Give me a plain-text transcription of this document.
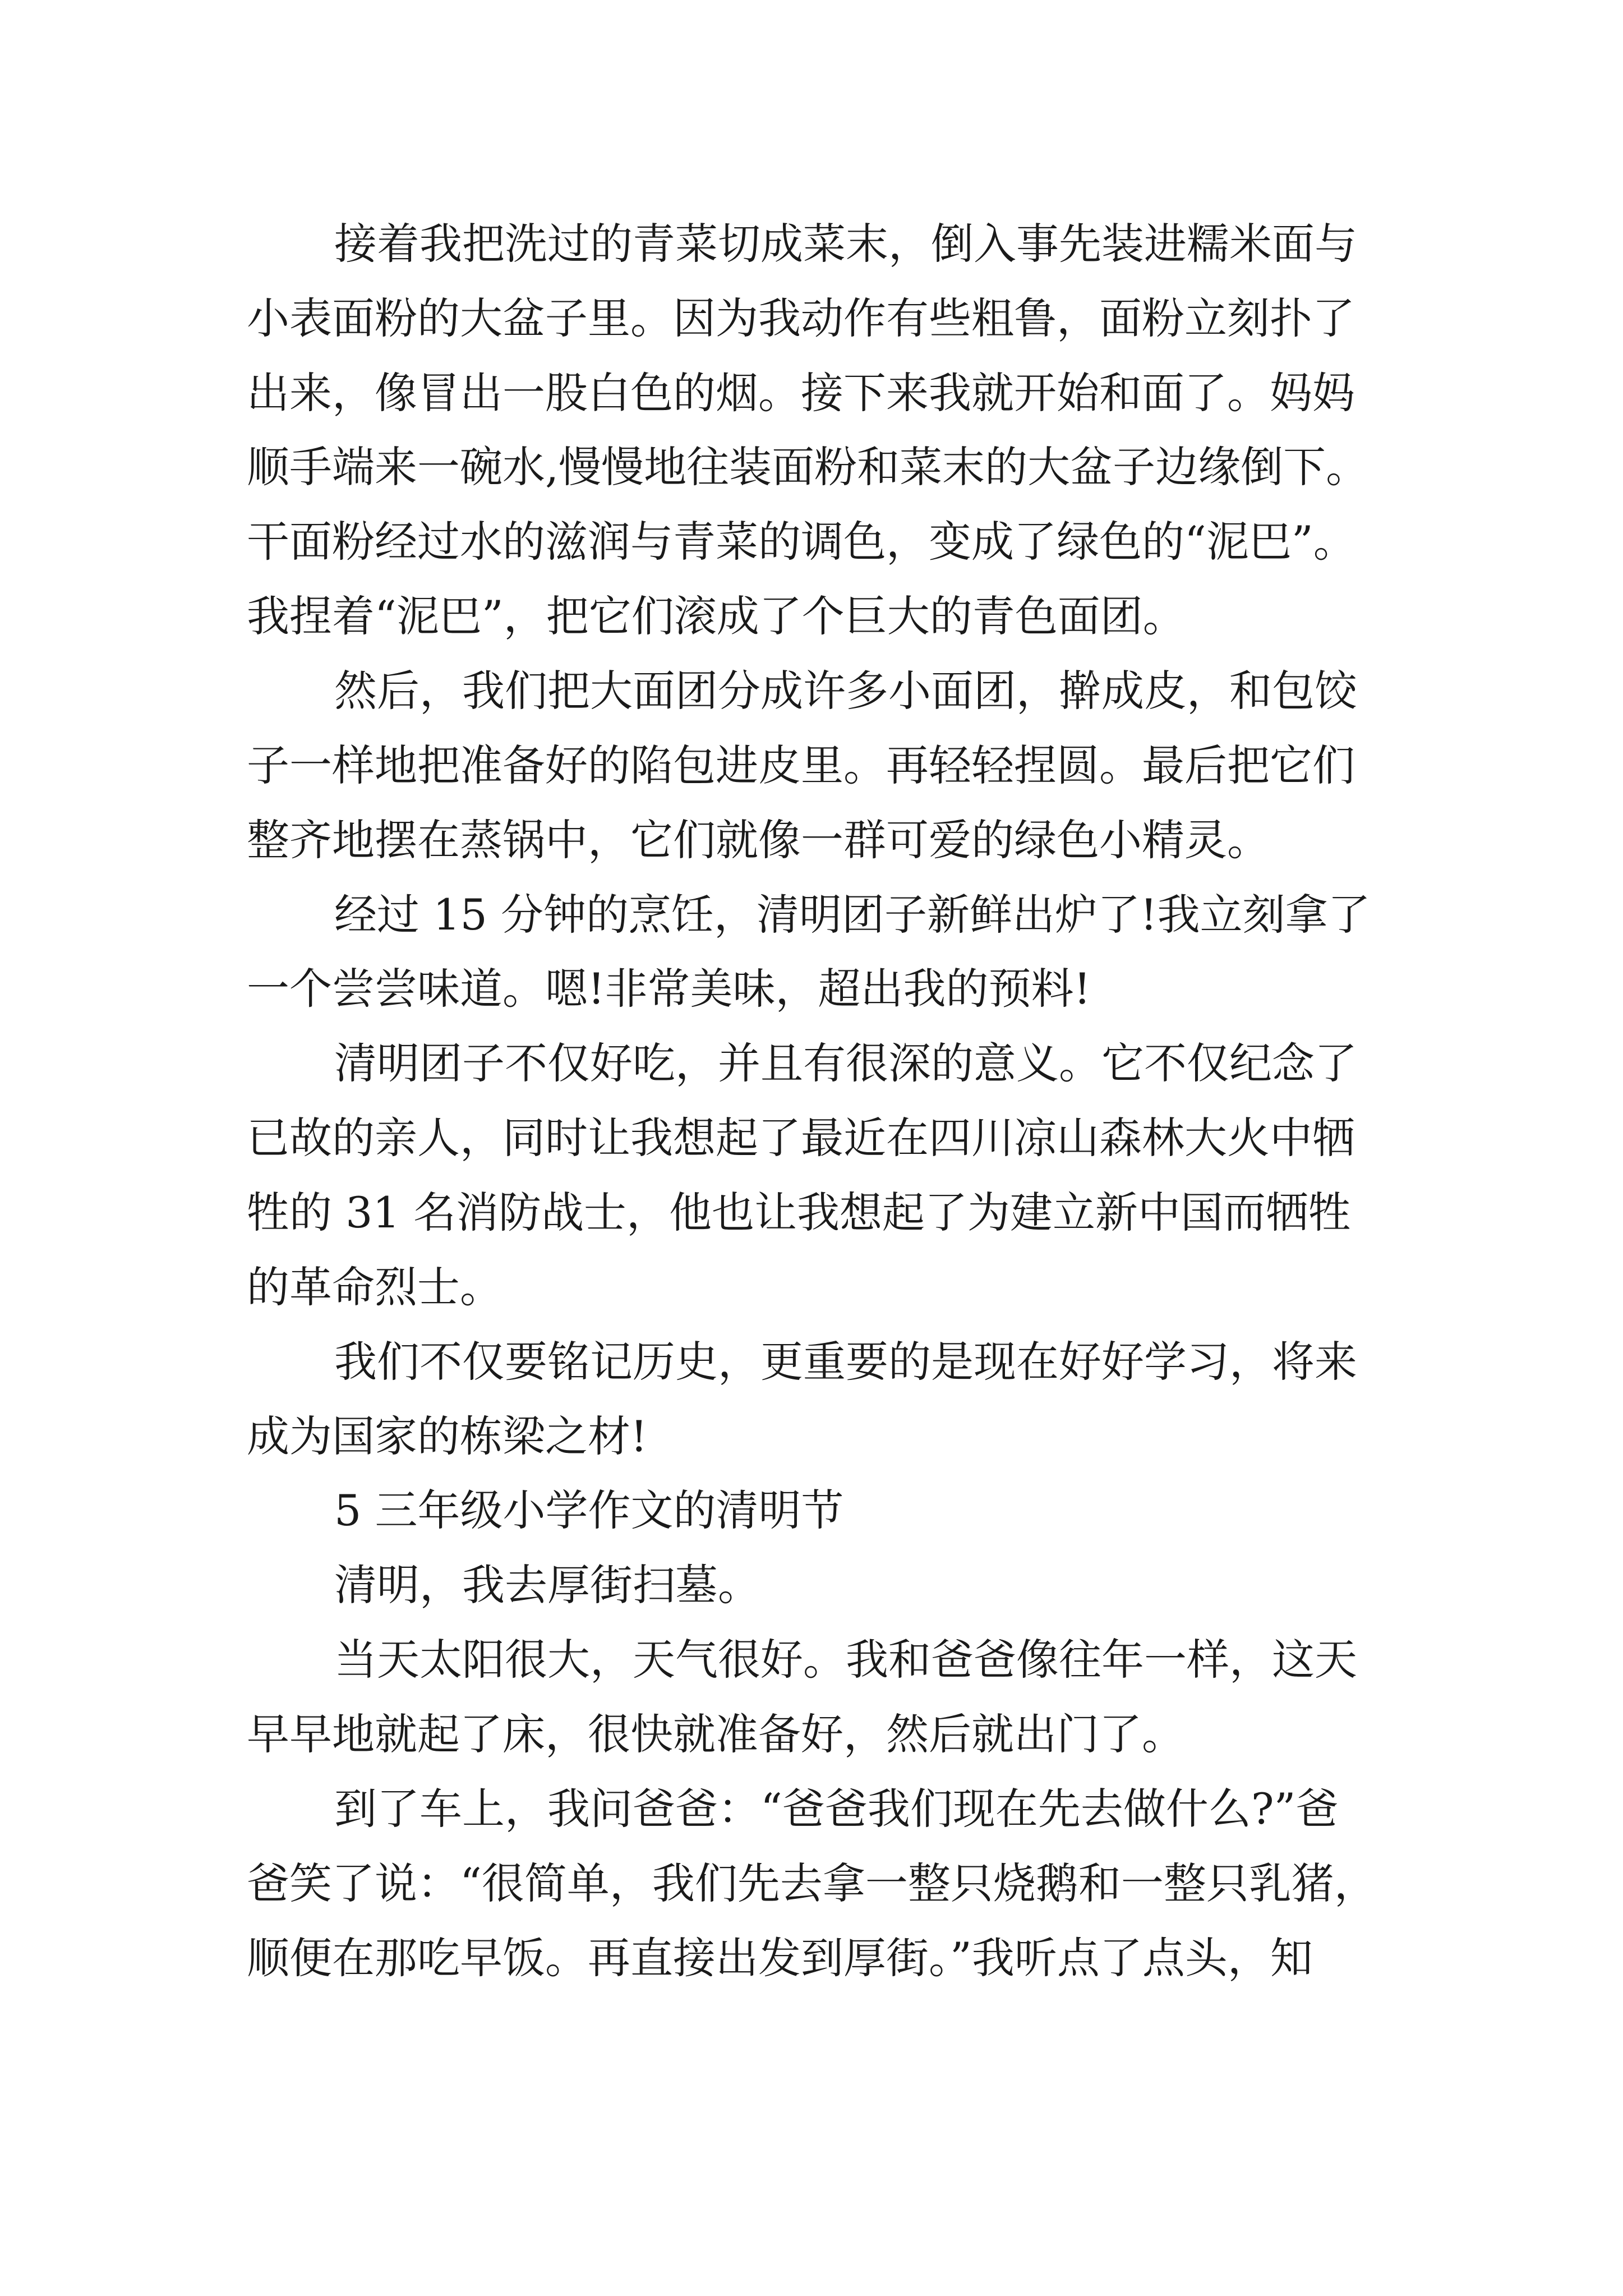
接着我把洗过的青菜切成菜末，倒入事先装进糯米面与
小表面粉的大盆子里。因为我动作有些粗鲁，面粉立刻扑了
出来，像冒出一股白色的烟。接下来我就开始和面了。妈妈
顺手端来一碗水,慢慢地往装面粉和菜末的大盆子边缘倒下。
干面粉经过水的滋润与青菜的调色，变成了绿色的“泥巴”。
我捏着“泥巴”，把它们滚成了个巨大的青色面团。
然后，我们把大面团分成许多小面团，擀成皮，和包饺
子一样地把准备好的陷包进皮里。再轻轻捏圆。最后把它们
整齐地摆在蒸锅中，它们就像一群可爱的绿色小精灵。
经过 15 分钟的烹饪，清明团子新鲜出炉了!我立刻拿了
一个尝尝味道。嗯!非常美味，超出我的预料!
清明团子不仅好吃，并且有很深的意义。它不仅纪念了
已故的亲人，同时让我想起了最近在四川凉山森林大火中牺
牲的 31 名消防战士，他也让我想起了为建立新中国而牺牲
的革命烈士。
我们不仅要铭记历史，更重要的是现在好好学习，将来
成为国家的栋梁之材!
5 三年级小学作文的清明节
清明，我去厚街扫墓。
当天太阳很大，天气很好。我和爸爸像往年一样，这天
早早地就起了床，很快就准备好，然后就出门了。
到了车上，我问爸爸：“爸爸我们现在先去做什么?”爸
爸笑了说：“很简单，我们先去拿一整只烧鹅和一整只乳猪，
顺便在那吃早饭。再直接出发到厚街。”我听点了点头，知
